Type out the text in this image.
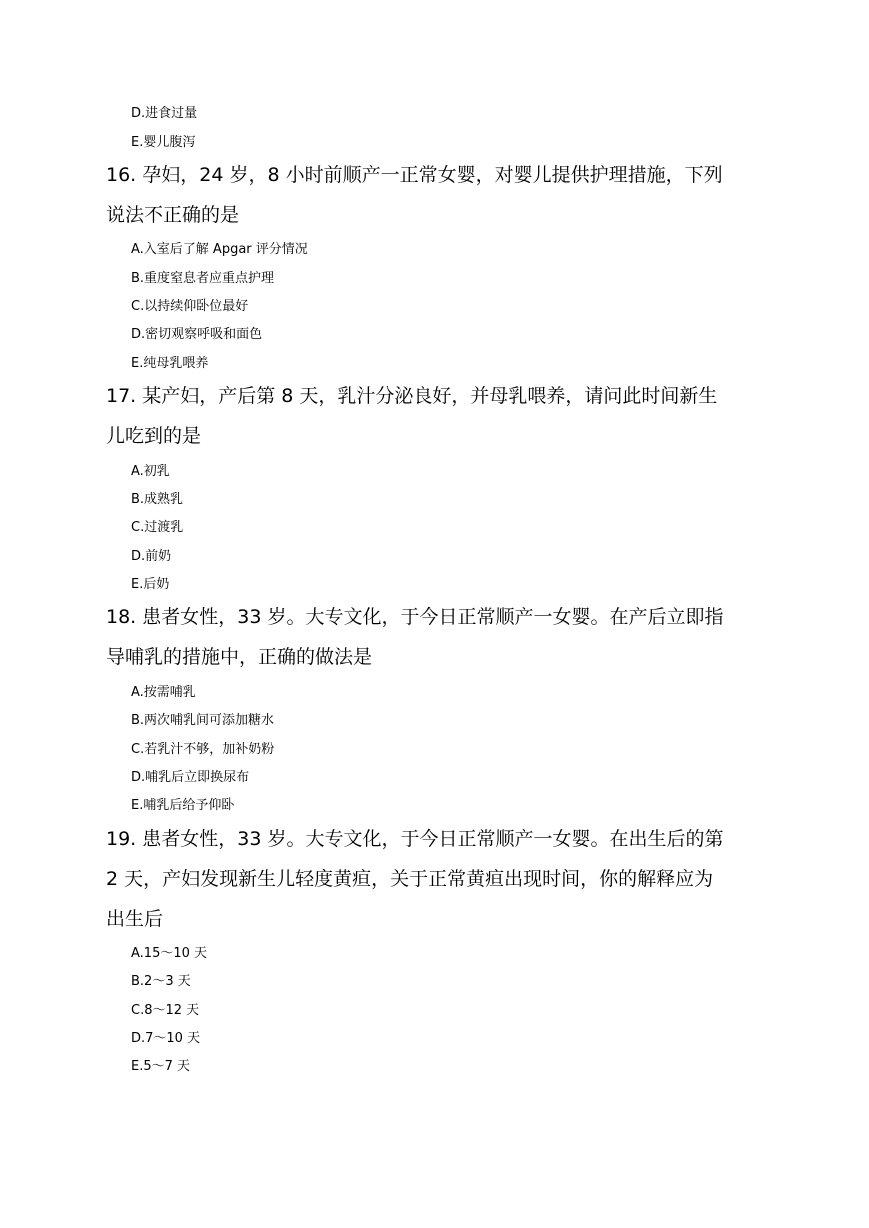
D.进食过量
E.婴儿腹泻
16. 孕妇，24 岁，8 小时前顺产一正常女婴，对婴儿提供护理措施，下列
说法不正确的是
A.入室后了解 Apgar 评分情况
B.重度窒息者应重点护理
C.以持续仰卧位最好
D.密切观察呼吸和面色
E.纯母乳喂养
17. 某产妇，产后第 8 天，乳汁分泌良好，并母乳喂养，请问此时间新生
儿吃到的是
A.初乳
B.成熟乳
C.过渡乳
D.前奶
E.后奶
18. 患者女性，33 岁。大专文化，于今日正常顺产一女婴。在产后立即指
导哺乳的措施中，正确的做法是
A.按需哺乳
B.两次哺乳间可添加糖水
C.若乳汁不够，加补奶粉
D.哺乳后立即换尿布
E.哺乳后给予仰卧
19. 患者女性，33 岁。大专文化，于今日正常顺产一女婴。在出生后的第
2 天，产妇发现新生儿轻度黄疸，关于正常黄疸出现时间，你的解释应为
出生后
A.15～10 天
B.2～3 天
C.8～12 天
D.7～10 天
E.5～7 天
